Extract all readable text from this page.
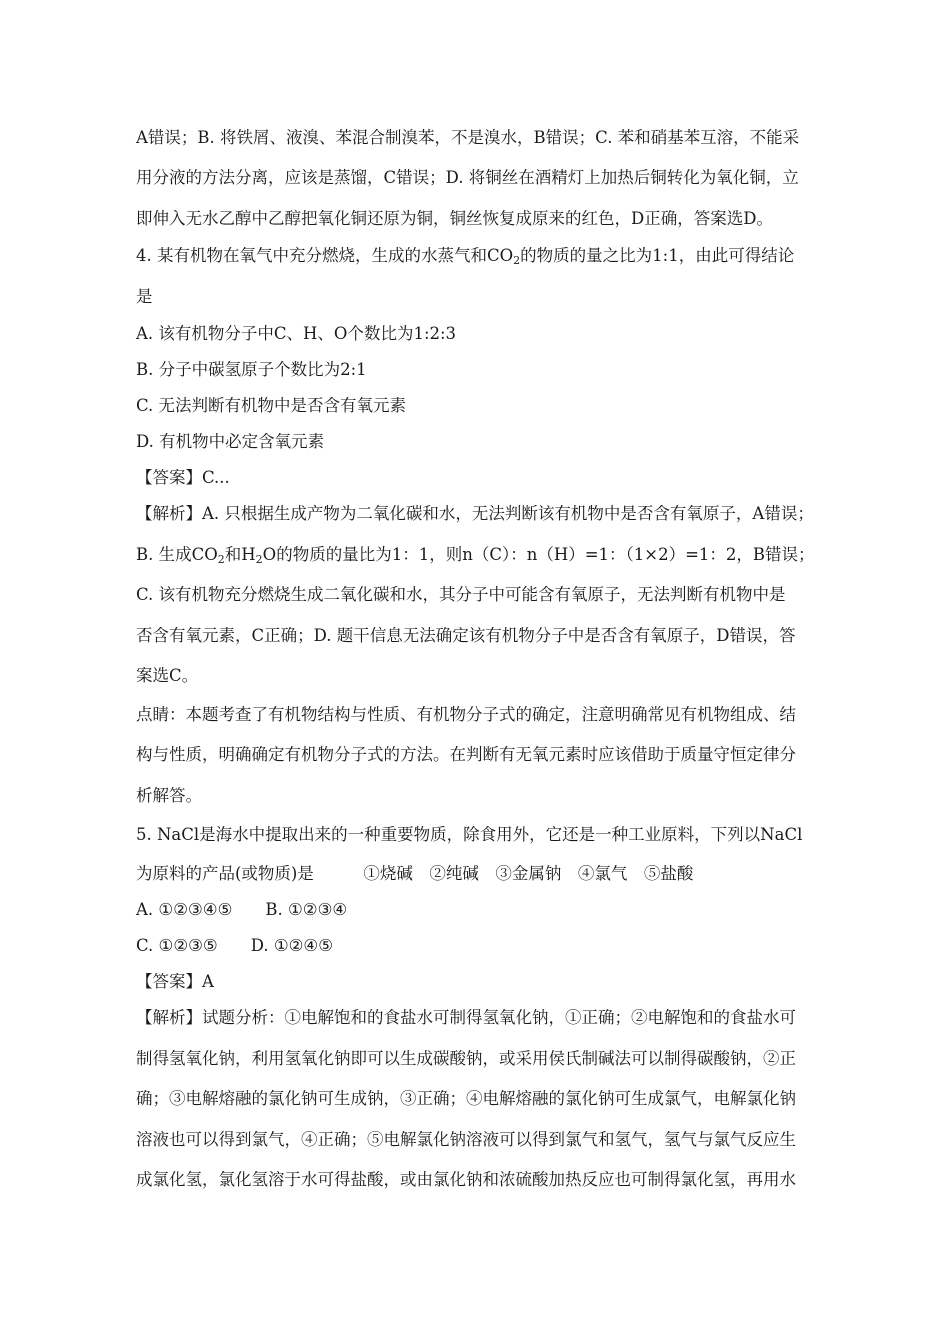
A错误；B. 将铁屑、液溴、苯混合制溴苯，不是溴水，B错误；C. 苯和硝基苯互溶，不能采
用分液的方法分离，应该是蒸馏，C错误；D. 将铜丝在酒精灯上加热后铜转化为氧化铜，立
即伸入无水乙醇中乙醇把氧化铜还原为铜，铜丝恢复成原来的红色，D正确，答案选D。
4. 某有机物在氧气中充分燃烧，生成的水蒸气和$CO_2$的物质的量之比为1:1，由此可得结论
是
A. 该有机物分子中C、H、O个数比为1:2:3
B. 分子中碳氢原子个数比为2:1
C. 无法判断有机物中是否含有氧元素
D. 有机物中必定含氧元素
【答案】C...
【解析】A. 只根据生成产物为二氧化碳和水，无法判断该有机物中是否含有氧原子，A错误；
B. 生成$CO_2$和$H_2O$的物质的量比为1：1，则n（C）：n（H）=1：（1×2）=1：2，B错误；
C. 该有机物充分燃烧生成二氧化碳和水，其分子中可能含有氧原子，无法判断有机物中是
否含有氧元素，C正确；D. 题干信息无法确定该有机物分子中是否含有氧原子，D错误，答
案选C。
点睛：本题考查了有机物结构与性质、有机物分子式的确定，注意明确常见有机物组成、结
构与性质，明确确定有机物分子式的方法。在判断有无氧元素时应该借助于质量守恒定律分
析解答。
5. NaCl是海水中提取出来的一种重要物质，除食用外，它还是一种工业原料，下列以NaCl
为原料的产品(或物质)是　　　①烧碱　②纯碱　③金属钠　④氯气　⑤盐酸
A. ①②③④⑤　　B. ①②③④
C. ①②③⑤　　D. ①②④⑤
【答案】A
【解析】试题分析：①电解饱和的食盐水可制得氢氧化钠，①正确；②电解饱和的食盐水可
制得氢氧化钠，利用氢氧化钠即可以生成碳酸钠，或采用侯氏制碱法可以制得碳酸钠，②正
确；③电解熔融的氯化钠可生成钠，③正确；④电解熔融的氯化钠可生成氯气，电解氯化钠
溶液也可以得到氯气，④正确；⑤电解氯化钠溶液可以得到氯气和氢气，氢气与氯气反应生
成氯化氢，氯化氢溶于水可得盐酸，或由氯化钠和浓硫酸加热反应也可制得氯化氢，再用水
